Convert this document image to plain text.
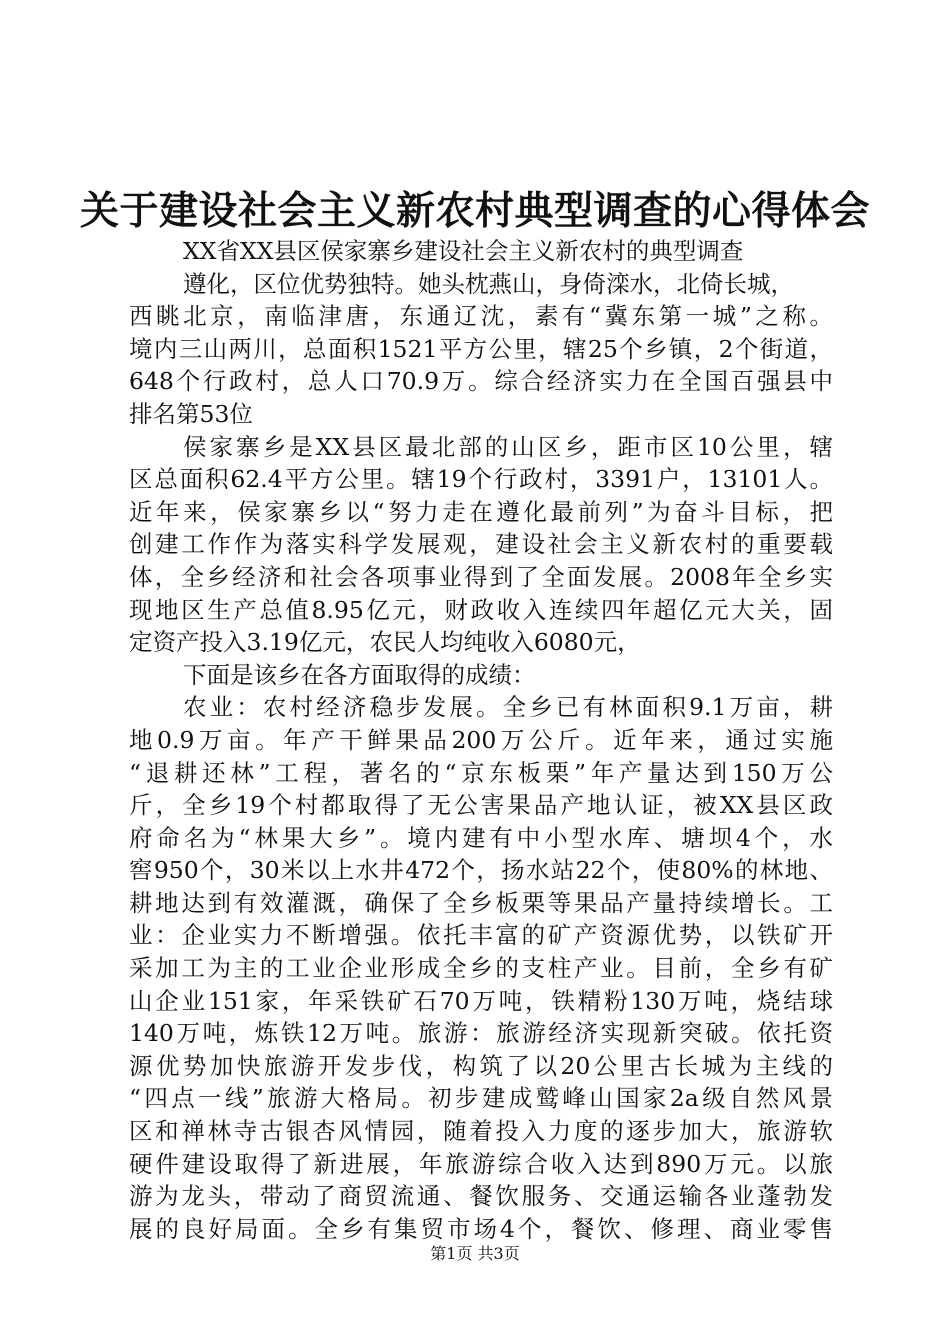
关于建设社会主义新农村典型调查的心得体会
XX省XX县区侯家寨乡建设社会主义新农村的典型调查
遵化，区位优势独特。她头枕燕山，身倚滦水，北倚长城，
西眺北京，南临津唐，东通辽沈，素有“冀东第一城”之称。
境内三山两川，总面积1521平方公里，辖25个乡镇，2个街道，
648个行政村，总人口70.9万。综合经济实力在全国百强县中
排名第53位
侯家寨乡是XX县区最北部的山区乡，距市区10公里，辖
区总面积62.4平方公里。辖19个行政村，3391户，13101人。
近年来，侯家寨乡以“努力走在遵化最前列”为奋斗目标，把
创建工作作为落实科学发展观，建设社会主义新农村的重要载
体，全乡经济和社会各项事业得到了全面发展。2008年全乡实
现地区生产总值8.95亿元，财政收入连续四年超亿元大关，固
定资产投入3.19亿元，农民人均纯收入6080元，
下面是该乡在各方面取得的成绩：
农业：农村经济稳步发展。全乡已有林面积9.1万亩，耕
地0.9万亩。年产干鲜果品200万公斤。近年来，通过实施
“退耕还林”工程，著名的“京东板栗”年产量达到150万公
斤，全乡19个村都取得了无公害果品产地认证，被XX县区政
府命名为“林果大乡”。境内建有中小型水库、塘坝4个，水
窖950个，30米以上水井472个，扬水站22个，使80%的林地、
耕地达到有效灌溉，确保了全乡板栗等果品产量持续增长。工
业：企业实力不断增强。依托丰富的矿产资源优势，以铁矿开
采加工为主的工业企业形成全乡的支柱产业。目前，全乡有矿
山企业151家，年采铁矿石70万吨，铁精粉130万吨，烧结球
140万吨，炼铁12万吨。旅游：旅游经济实现新突破。依托资
源优势加快旅游开发步伐，构筑了以20公里古长城为主线的
“四点一线”旅游大格局。初步建成鹫峰山国家2a级自然风景
区和禅林寺古银杏风情园，随着投入力度的逐步加大，旅游软
硬件建设取得了新进展，年旅游综合收入达到890万元。以旅
游为龙头，带动了商贸流通、餐饮服务、交通运输各业蓬勃发
展的良好局面。全乡有集贸市场4个，餐饮、修理、商业零售
第1页 共3页
